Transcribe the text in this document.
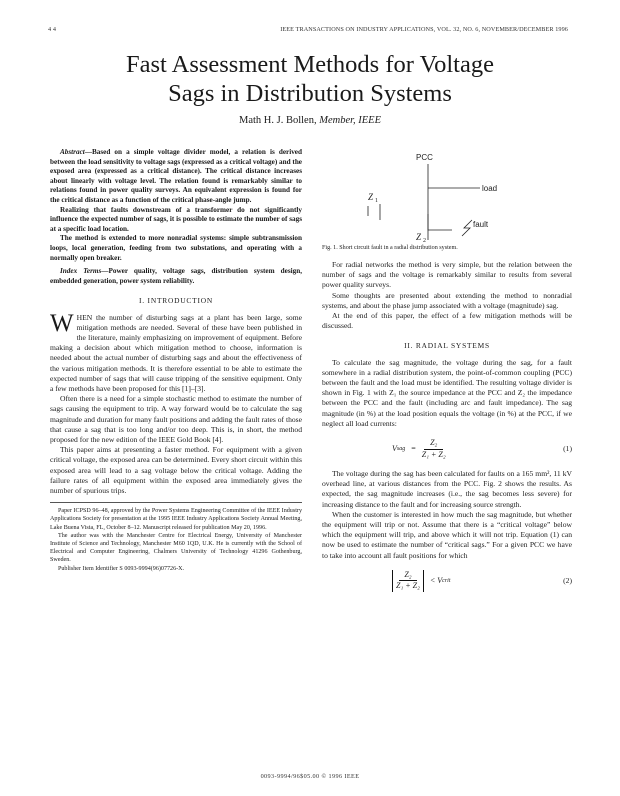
4 4	IEEE TRANSACTIONS ON INDUSTRY APPLICATIONS, VOL. 32, NO. 6, NOVEMBER/DECEMBER 1996
Fast Assessment Methods for Voltage
Sags in Distribution Systems
Math H. J. Bollen, Member, IEEE

Abstract—Based on a simple voltage divider model, a relation is derived between the load sensitivity to voltage sags (expressed as a critical voltage) and the exposed area (expressed as a critical distance). The critical distance increases about linearly with voltage level. The relation found is remarkably similar to relations found in power quality surveys. An equivalent expression is found for the critical distance as a function of the critical phase-angle jump.

Realizing that faults downstream of a transformer do not significantly influence the expected number of sags, it is possible to estimate the number of sags at a specific load location.

The method is extended to more nonradial systems: simple subtransmission loops, local generation, feeding from two substations, and operating with a normally open breaker.

Index Terms—Power quality, voltage sags, distribution system design, embedded generation, power system reliability.

I. INTRODUCTION

WHEN the number of disturbing sags at a plant has been large, some mitigation methods are needed. Several of these have been published in the literature, mainly emphasizing on improvement of equipment. Before making a decision about which mitigation method to choose, information is needed about the actual number of disturbing sags and about the effectiveness of the various mitigation methods. It is therefore essential to be able to estimate the expected number of sags that will cause tripping of the sensitive equipment. Only a few methods have been proposed for this [1]–[3].

Often there is a need for a simple stochastic method to estimate the number of sags causing the equipment to trip. A way forward would be to calculate the sag magnitude and duration for many fault positions and adding the fault rates of those that cause a sag that is too long and/or too deep. This is, in short, the method proposed for the new edition of the IEEE Gold Book [4].

This paper aims at presenting a faster method. For equipment with a given critical voltage, the exposed area can be determined. Every short circuit within this exposed area will lead to a sag voltage below the critical voltage. Adding the failure rates of all equipment within the exposed area immediately gives the number of spurious trips.

Paper ICPSD 96–48, approved by the Power Systems Engineering Committee of the IEEE Industry Applications Society for presentation at the 1995 IEEE Industry Applications Society Annual Meeting, Lake Buena Vista, FL, October 8–12. Manuscript released for publication May 20, 1996.

The author was with the Manchester Centre for Electrical Energy, University of Manchester Institute of Science and Technology, Manchester M60 1QD, U.K. He is currently with the School of Electrical and Computer Engineering, Chalmers University of Technology 41296 Gothenburg, Sweden.

Publisher Item Identifier S 0093-9994(96)07726-X.

PCC
load
Z 1
fault
Z 2

Fig. 1. Short circuit fault in a radial distribution system.

For radial networks the method is very simple, but the relation between the number of sags and the voltage is remarkably similar to results from several power quality surveys.

Some thoughts are presented about extending the method to nonradial systems, and about the phase jump associated with a voltage (magnitude) sag.

At the end of this paper, the effect of a few mitigation methods will be discussed.

II. RADIAL SYSTEMS

To calculate the sag magnitude, the voltage during the sag, for a fault somewhere in a radial distribution system, the point-of-common coupling (PCC) between the fault and the load must be identified. The resulting voltage divider is shown in Fig. 1 with Z₁ the source impedance at the PCC and Z₂ the impedance between the PCC and the fault (including arc and fault impedance). The sag magnitude (in %) at the load position equals the voltage (in %) at the PCC, if we neglect all load currents:

V sag = $\frac{\text{Z₂}}{\text{Z₁ + Z₂}}$	(1)

The voltage during the sag has been calculated for faults on a 165 mm², 11 kV overhead line, at various distances from the PCC. Fig. 2 shows the results. As expected, the sag magnitude increases (i.e., the sag becomes less severe) for increasing distance to the fault and for increasing source strength.

When the customer is interested in how much the sag magnitude, but whether the equipment will trip or not. Assume that there is a “critical voltage” below which the equipment will trip, and above which it will not trip. Equation (1) can now be used to estimate the number of “critical sags.” For a given PCC we have to take into account all fault positions for which

$\frac{\text{Z₂}}{\text{Z₁ + Z₂}} < V$ crit	(2)
0093-9994/96$05.00 © 1996 IEEE
